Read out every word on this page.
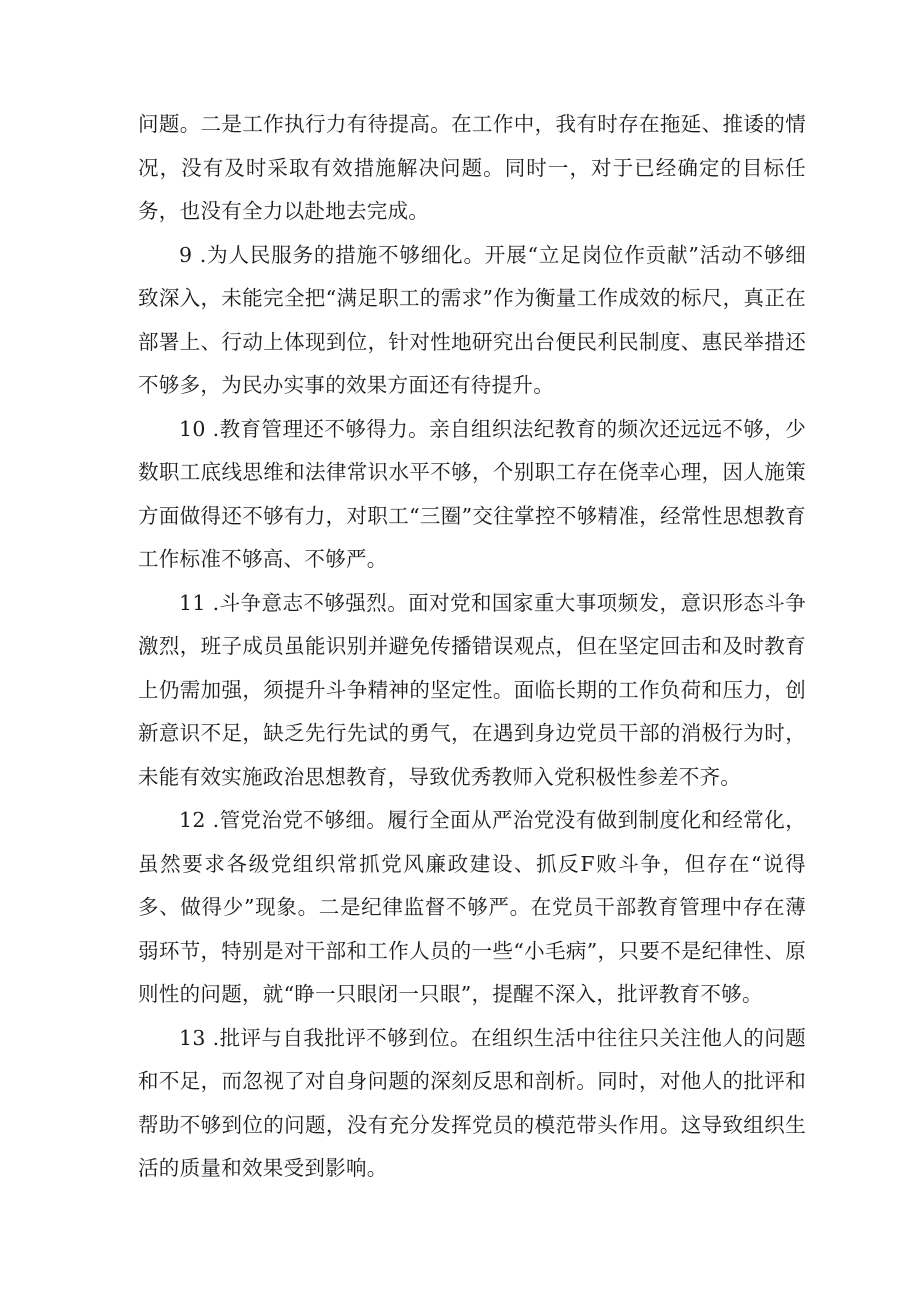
问题。二是工作执行力有待提高。在工作中，我有时存在拖延、推诿的情况，没有及时采取有效措施解决问题。同时一，对于已经确定的目标任务，也没有全力以赴地去完成。

9 .为人民服务的措施不够细化。开展“立足岗位作贡献”活动不够细致深入，未能完全把“满足职工的需求”作为衡量工作成效的标尺，真正在部署上、行动上体现到位，针对性地研究出台便民利民制度、惠民举措还不够多，为民办实事的效果方面还有待提升。

10 .教育管理还不够得力。亲自组织法纪教育的频次还远远不够，少数职工底线思维和法律常识水平不够，个别职工存在侥幸心理，因人施策方面做得还不够有力，对职工“三圈”交往掌控不够精准，经常性思想教育工作标准不够高、不够严。

11 .斗争意志不够强烈。面对党和国家重大事项频发，意识形态斗争激烈，班子成员虽能识别并避免传播错误观点，但在坚定回击和及时教育上仍需加强，须提升斗争精神的坚定性。面临长期的工作负荷和压力，创新意识不足，缺乏先行先试的勇气，在遇到身边党员干部的消极行为时，未能有效实施政治思想教育，导致优秀教师入党积极性参差不齐。

12 .管党治党不够细。履行全面从严治党没有做到制度化和经常化，虽然要求各级党组织常抓党风廉政建设、抓反F败斗争，但存在“说得多、做得少”现象。二是纪律监督不够严。在党员干部教育管理中存在薄弱环节，特别是对干部和工作人员的一些“小毛病”，只要不是纪律性、原则性的问题，就“睁一只眼闭一只眼”，提醒不深入，批评教育不够。

13 .批评与自我批评不够到位。在组织生活中往往只关注他人的问题和不足，而忽视了对自身问题的深刻反思和剖析。同时，对他人的批评和帮助不够到位的问题，没有充分发挥党员的模范带头作用。这导致组织生活的质量和效果受到影响。
